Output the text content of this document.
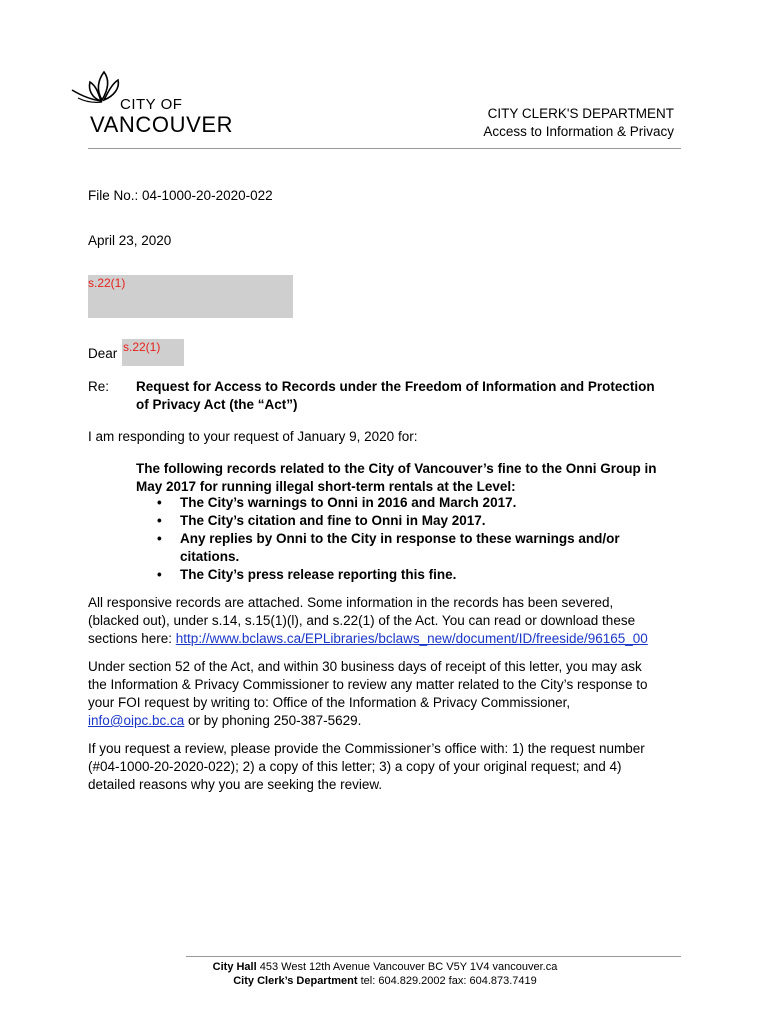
CITY OF
VANCOUVER	CITY CLERK'S DEPARTMENT
Access to Information & Privacy
File No.: 04-1000-20-2020-022
April 23, 2020
s.22(1)
Dear s.22(1)
Re: Request for Access to Records under the Freedom of Information and Protection
of Privacy Act (the “Act”)
I am responding to your request of January 9, 2020 for:
The following records related to the City of Vancouver’s fine to the Onni Group in
May 2017 for running illegal short-term rentals at the Level:
• The City’s warnings to Onni in 2016 and March 2017.
• The City’s citation and fine to Onni in May 2017.
• Any replies by Onni to the City in response to these warnings and/or
citations.
• The City’s press release reporting this fine.
All responsive records are attached. Some information in the records has been severed,
(blacked out), under s.14, s.15(1)(l), and s.22(1) of the Act. You can read or download these
sections here: http://www.bclaws.ca/EPLibraries/bclaws_new/document/ID/freeside/96165_00
Under section 52 of the Act, and within 30 business days of receipt of this letter, you may ask
the Information & Privacy Commissioner to review any matter related to the City’s response to
your FOI request by writing to: Office of the Information & Privacy Commissioner,
info@oipc.bc.ca or by phoning 250-387-5629.
If you request a review, please provide the Commissioner’s office with: 1) the request number
(#04-1000-20-2020-022); 2) a copy of this letter; 3) a copy of your original request; and 4)
detailed reasons why you are seeking the review.
City Hall 453 West 12th Avenue Vancouver BC V5Y 1V4 vancouver.ca
City Clerk’s Department tel: 604.829.2002 fax: 604.873.7419
